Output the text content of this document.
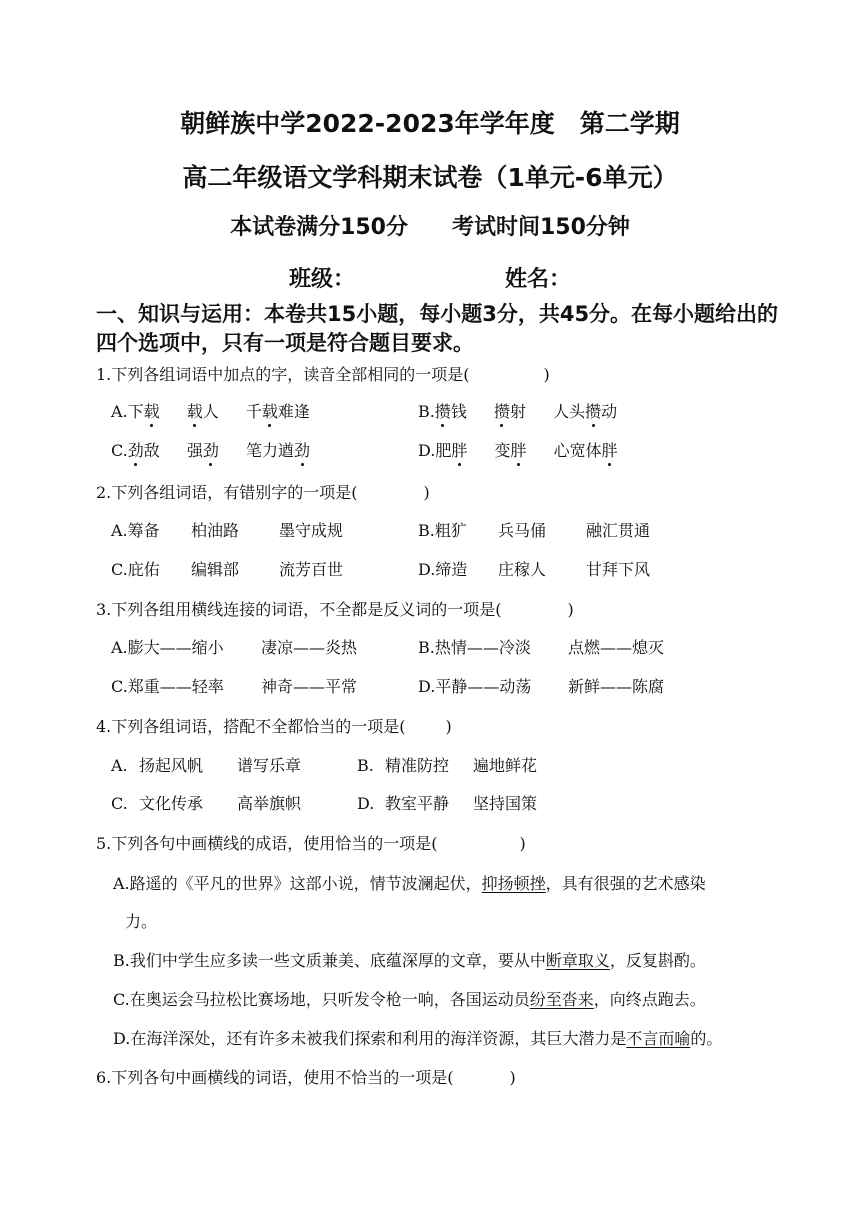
朝鲜族中学2022-2023年学年度　第二学期
高二年级语文学科期末试卷（1单元-6单元）
本试卷满分150分 考试时间150分钟
班级：	姓名：
一、知识与运用：本卷共15小题，每小题3分，共45分。在每小题给出的四个选项中，只有一项是符合题目要求。
1.下列各组词语中加点的字，读音全部相同的一项是(	)
A.下载 载人 千载难逢	B.攒钱 攒射 人头攒动
C.劲敌 强劲 笔力遒劲	D.肥胖 变胖 心宽体胖
2.下列各组词语，有错别字的一项是(	)
A.筹备 柏油路 墨守成规	B.粗犷 兵马俑 融汇贯通
C.庇佑 编辑部 流芳百世	D.缔造 庄稼人 甘拜下风
3.下列各组用横线连接的词语，不全都是反义词的一项是(	)
A.膨大——缩小 凄凉——炎热	B.热情——冷淡 点燃——熄灭
C.郑重——轻率 神奇——平常	D.平静——动荡 新鲜——陈腐
4.下列各组词语，搭配不全都恰当的一项是(	)
A. 扬起风帆 谱写乐章	B. 精准防控 遍地鲜花
C. 文化传承 高举旗帜	D. 教室平静 坚持国策
5.下列各句中画横线的成语，使用恰当的一项是(	)
A.路遥的《平凡的世界》这部小说，情节波澜起伏，抑扬顿挫，具有很强的艺术感染
力。
B.我们中学生应多读一些文质兼美、底蕴深厚的文章，要从中断章取义，反复斟酌。
C.在奥运会马拉松比赛场地，只听发令枪一响，各国运动员纷至沓来，向终点跑去。
D.在海洋深处，还有许多未被我们探索和利用的海洋资源，其巨大潜力是不言而喻的。
6.下列各句中画横线的词语，使用不恰当的一项是(	)
